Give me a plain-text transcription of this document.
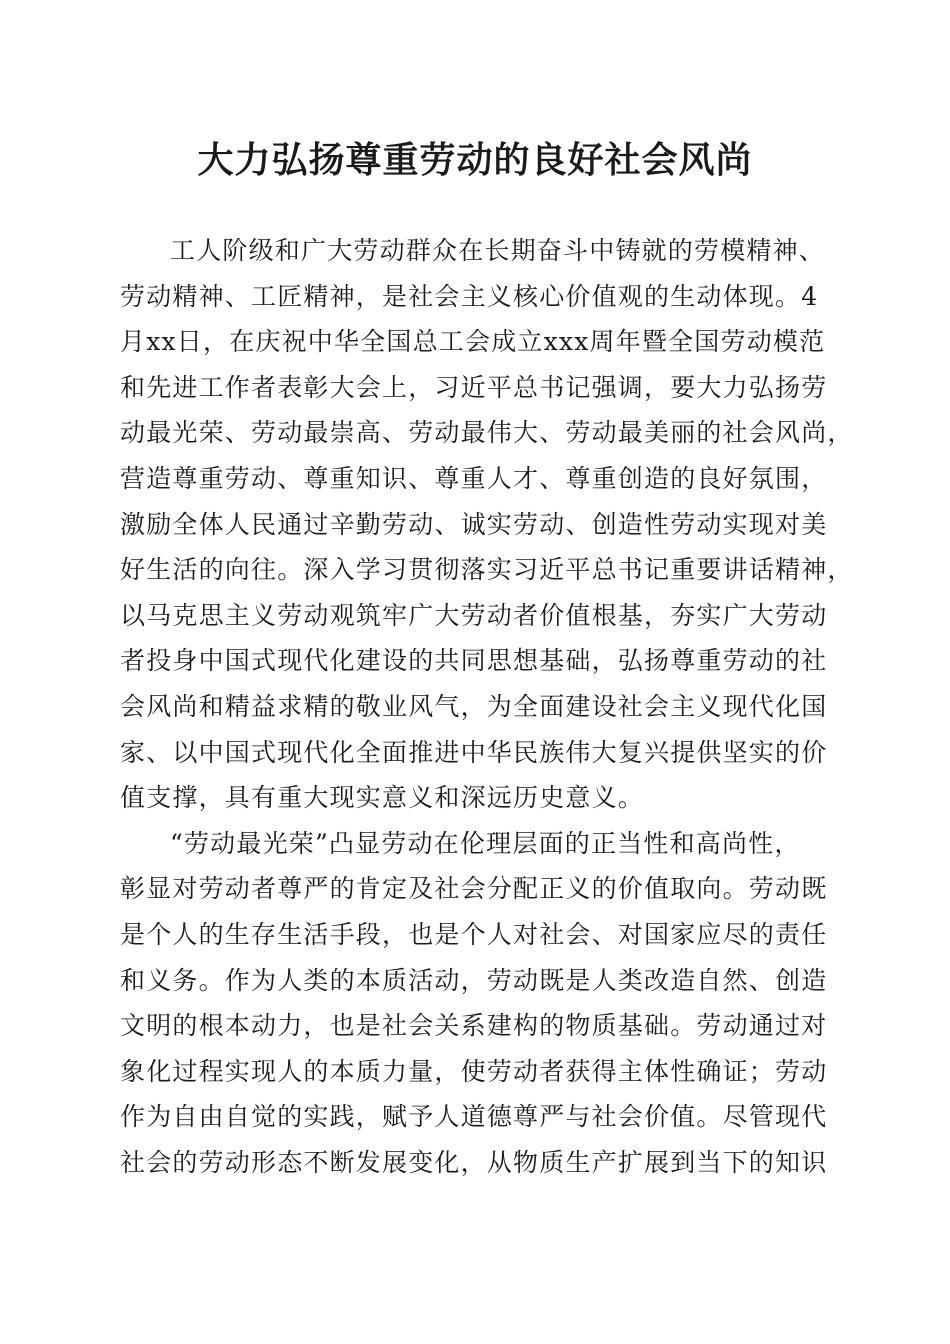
大力弘扬尊重劳动的良好社会风尚
工人阶级和广大劳动群众在长期奋斗中铸就的劳模精神、
劳动精神、工匠精神，是社会主义核心价值观的生动体现。4
月xx日，在庆祝中华全国总工会成立xxx周年暨全国劳动模范
和先进工作者表彰大会上，习近平总书记强调，要大力弘扬劳
动最光荣、劳动最崇高、劳动最伟大、劳动最美丽的社会风尚，
营造尊重劳动、尊重知识、尊重人才、尊重创造的良好氛围，
激励全体人民通过辛勤劳动、诚实劳动、创造性劳动实现对美
好生活的向往。深入学习贯彻落实习近平总书记重要讲话精神，
以马克思主义劳动观筑牢广大劳动者价值根基，夯实广大劳动
者投身中国式现代化建设的共同思想基础，弘扬尊重劳动的社
会风尚和精益求精的敬业风气，为全面建设社会主义现代化国
家、以中国式现代化全面推进中华民族伟大复兴提供坚实的价
值支撑，具有重大现实意义和深远历史意义。
“劳动最光荣”凸显劳动在伦理层面的正当性和高尚性，
彰显对劳动者尊严的肯定及社会分配正义的价值取向。劳动既
是个人的生存生活手段，也是个人对社会、对国家应尽的责任
和义务。作为人类的本质活动，劳动既是人类改造自然、创造
文明的根本动力，也是社会关系建构的物质基础。劳动通过对
象化过程实现人的本质力量，使劳动者获得主体性确证；劳动
作为自由自觉的实践，赋予人道德尊严与社会价值。尽管现代
社会的劳动形态不断发展变化，从物质生产扩展到当下的知识
